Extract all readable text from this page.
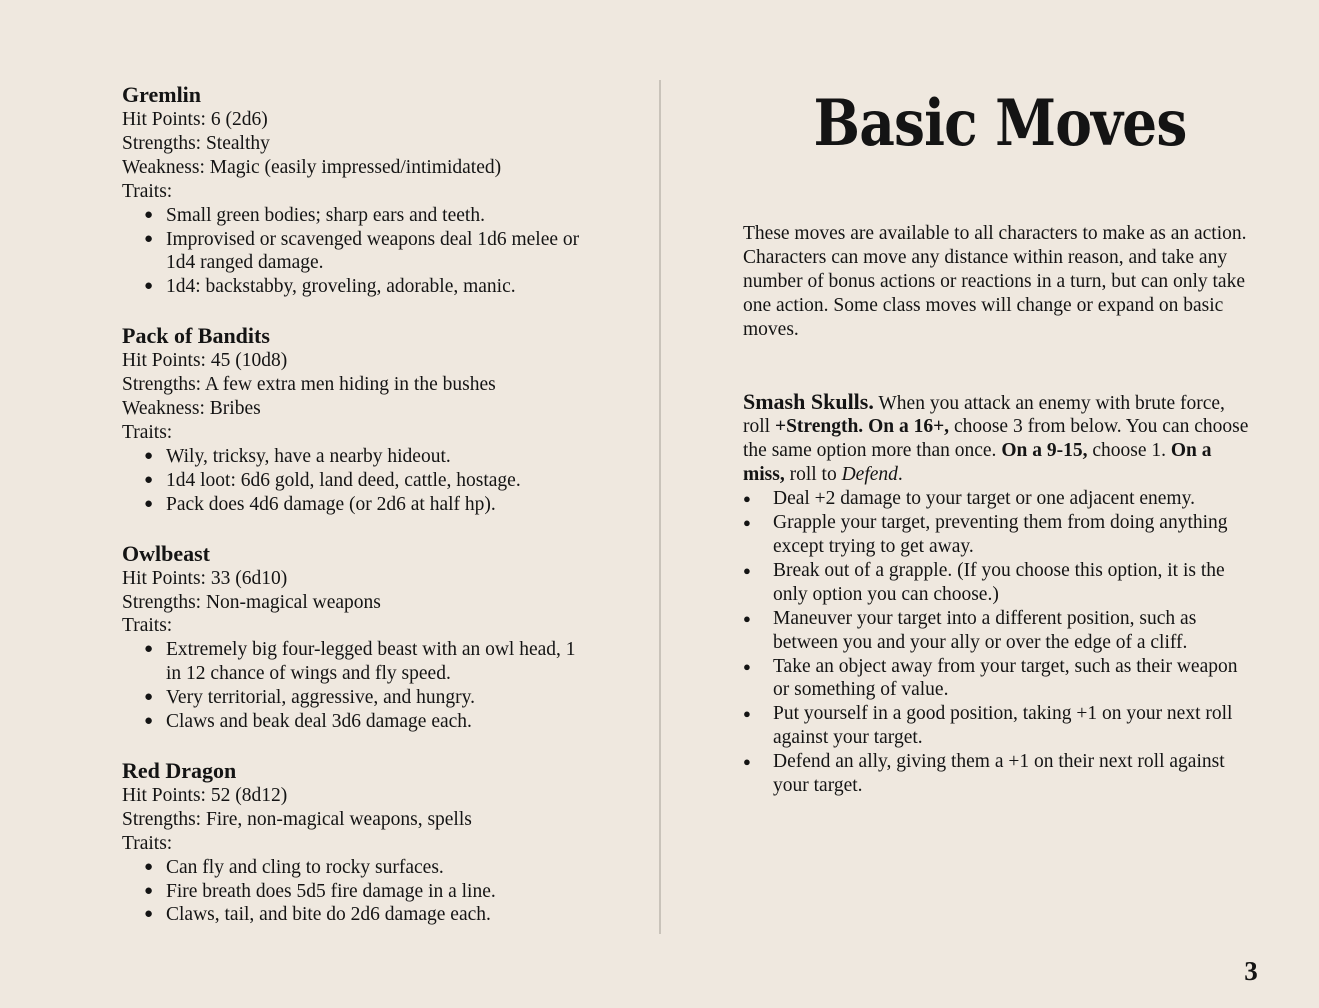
Gremlin
Hit Points: 6 (2d6)
Strengths: Stealthy
Weakness: Magic (easily impressed/intimidated)
Traits:
● Small green bodies; sharp ears and teeth.
● Improvised or scavenged weapons deal 1d6 melee or 1d4 ranged damage.
● 1d4: backstabby, groveling, adorable, manic.
Pack of Bandits
Hit Points: 45 (10d8)
Strengths: A few extra men hiding in the bushes
Weakness: Bribes
Traits:
● Wily, tricksy, have a nearby hideout.
● 1d4 loot: 6d6 gold, land deed, cattle, hostage.
● Pack does 4d6 damage (or 2d6 at half hp).
Owlbeast
Hit Points: 33 (6d10)
Strengths: Non-magical weapons
Traits:
● Extremely big four-legged beast with an owl head, 1 in 12 chance of wings and fly speed.
● Very territorial, aggressive, and hungry.
● Claws and beak deal 3d6 damage each.
Red Dragon
Hit Points: 52 (8d12)
Strengths: Fire, non-magical weapons, spells
Traits:
● Can fly and cling to rocky surfaces.
● Fire breath does 5d5 fire damage in a line.
● Claws, tail, and bite do 2d6 damage each.
Basic Moves

These moves are available to all characters to make as an action. Characters can move any distance within reason, and take any number of bonus actions or reactions in a turn, but can only take one action. Some class moves will change or expand on basic moves.

Smash Skulls. When you attack an enemy with brute force, roll +Strength. On a 16+, choose 3 from below. You can choose the same option more than once. On a 9-15, choose 1. On a miss, roll to Defend.
● Deal +2 damage to your target or one adjacent enemy.
● Grapple your target, preventing them from doing anything except trying to get away.
● Break out of a grapple. (If you choose this option, it is the only option you can choose.)
● Maneuver your target into a different position, such as between you and your ally or over the edge of a cliff.
● Take an object away from your target, such as their weapon or something of value.
● Put yourself in a good position, taking +1 on your next roll against your target.
● Defend an ally, giving them a +1 on their next roll against your target.
3
